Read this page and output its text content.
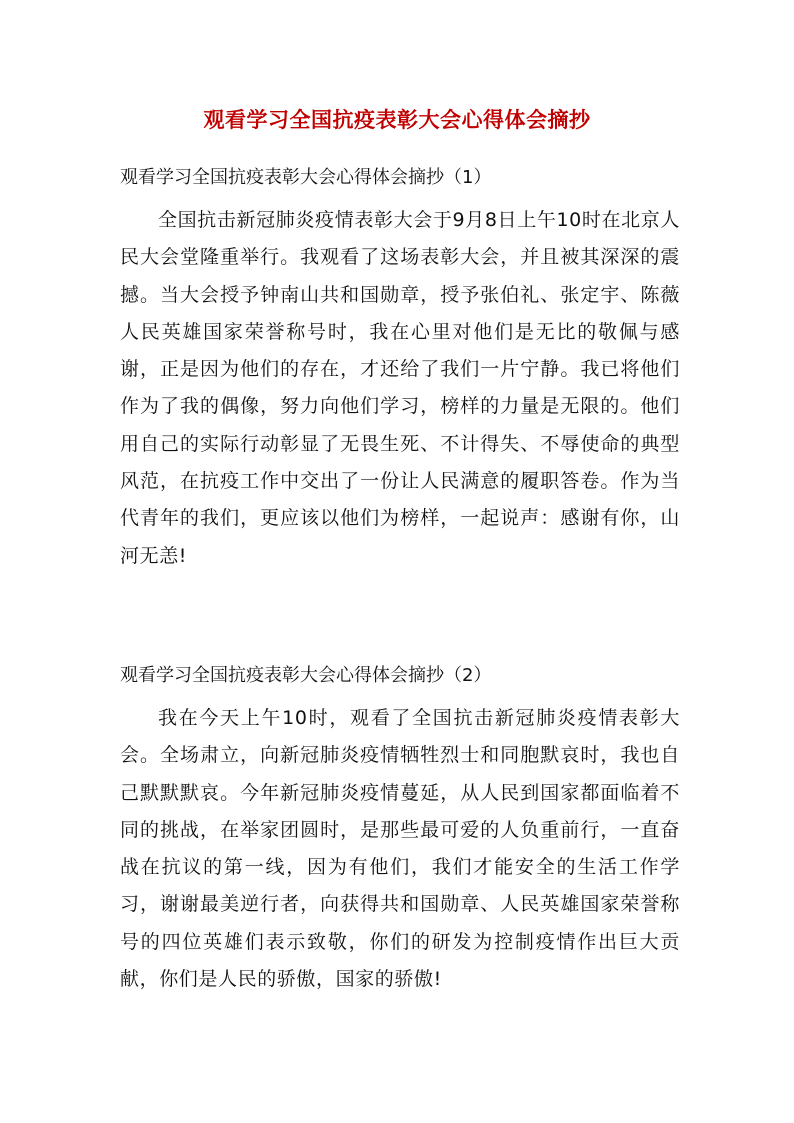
观看学习全国抗疫表彰大会心得体会摘抄
观看学习全国抗疫表彰大会心得体会摘抄（1）
全国抗击新冠肺炎疫情表彰大会于9月8日上午10时在北京人民大会堂隆重举行。我观看了这场表彰大会，并且被其深深的震撼。当大会授予钟南山共和国勋章，授予张伯礼、张定宇、陈薇人民英雄国家荣誉称号时，我在心里对他们是无比的敬佩与感谢，正是因为他们的存在，才还给了我们一片宁静。我已将他们作为了我的偶像，努力向他们学习，榜样的力量是无限的。他们用自己的实际行动彰显了无畏生死、不计得失、不辱使命的典型风范，在抗疫工作中交出了一份让人民满意的履职答卷。作为当代青年的我们，更应该以他们为榜样，一起说声：感谢有你，山河无恙!
观看学习全国抗疫表彰大会心得体会摘抄（2）
我在今天上午10时，观看了全国抗击新冠肺炎疫情表彰大会。全场肃立，向新冠肺炎疫情牺牲烈士和同胞默哀时，我也自己默默默哀。今年新冠肺炎疫情蔓延，从人民到国家都面临着不同的挑战，在举家团圆时，是那些最可爱的人负重前行，一直奋战在抗议的第一线，因为有他们，我们才能安全的生活工作学习，谢谢最美逆行者，向获得共和国勋章、人民英雄国家荣誉称号的四位英雄们表示致敬，你们的研发为控制疫情作出巨大贡献，你们是人民的骄傲，国家的骄傲!
